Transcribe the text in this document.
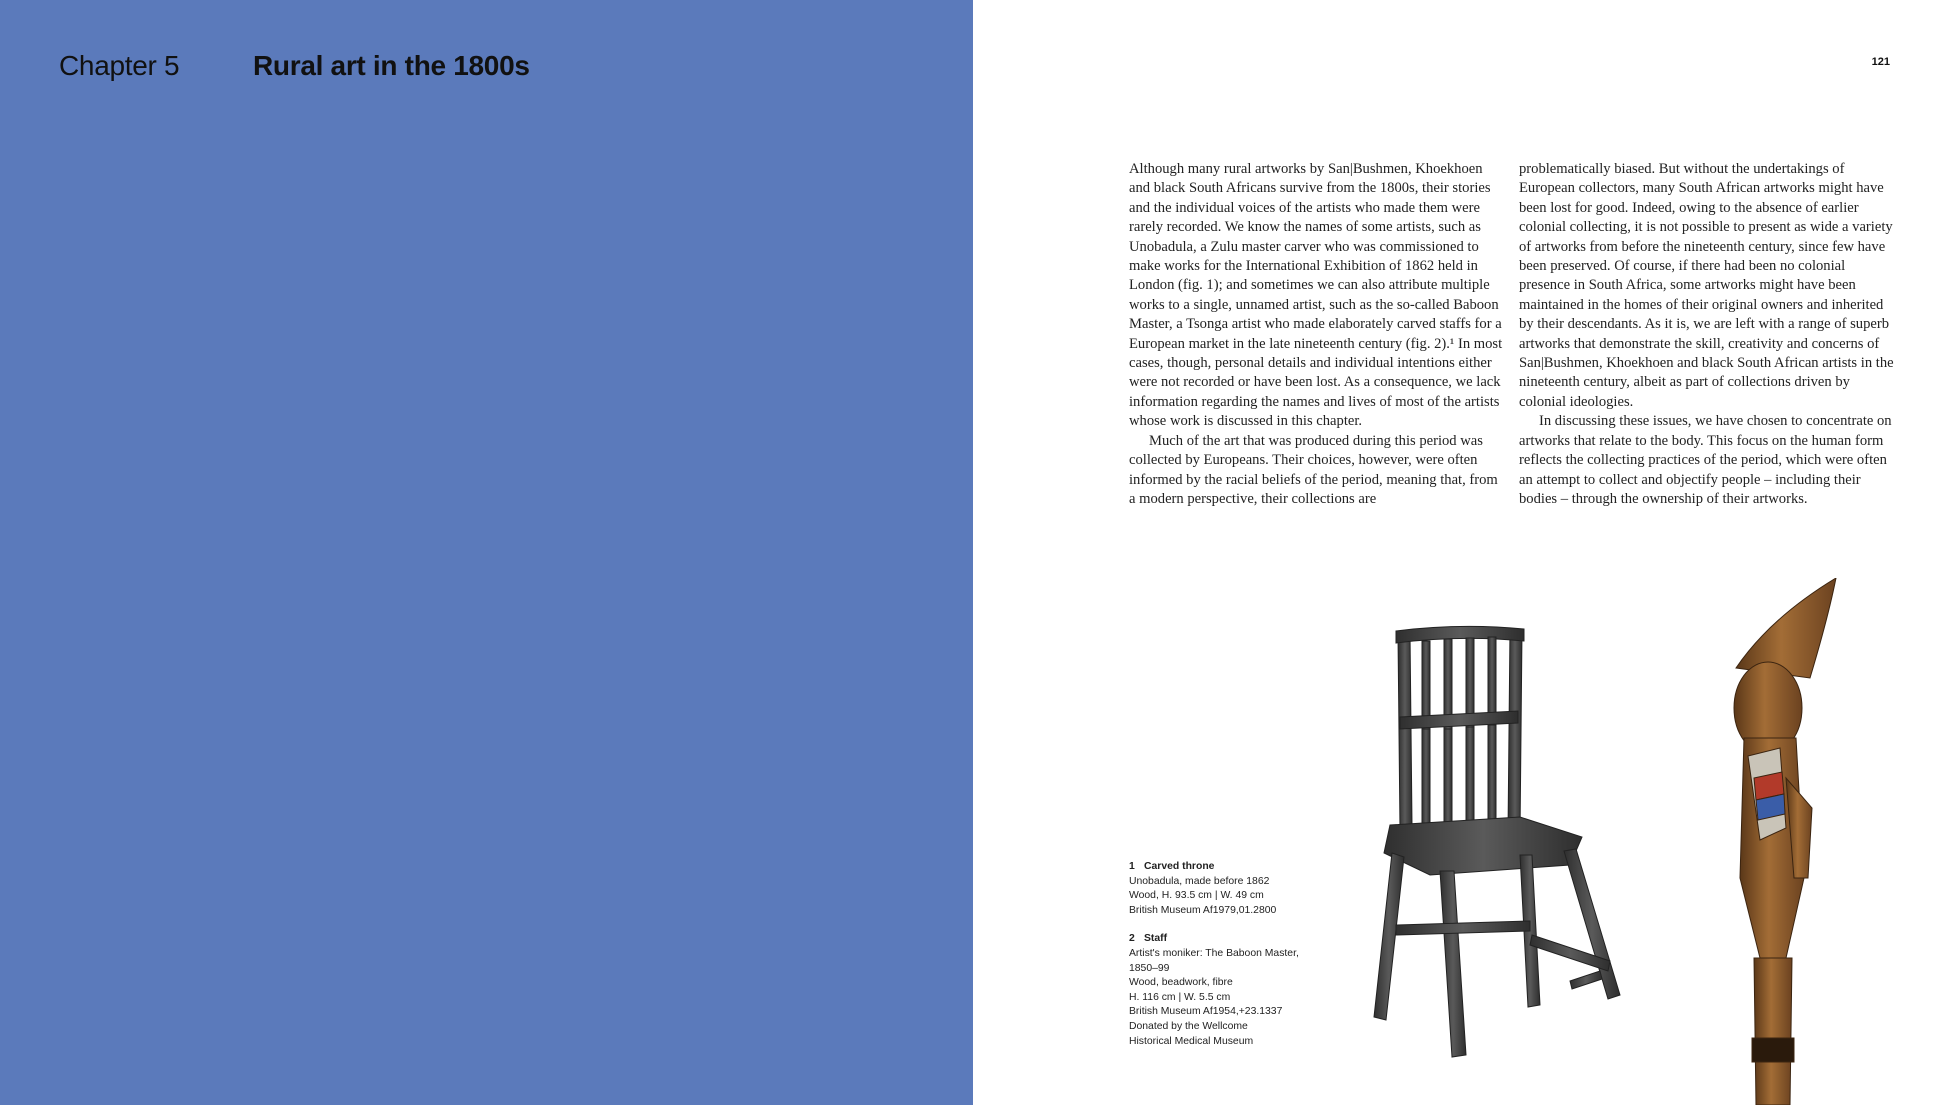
Chapter 5	Rural art in the 1800s	121

Although many rural artworks by San|Bushmen, Khoekhoen and black South Africans survive from the 1800s, their stories and the individual voices of the artists who made them were rarely recorded. We know the names of some artists, such as Unobadula, a Zulu master carver who was commissioned to make works for the International Exhibition of 1862 held in London (fig. 1); and sometimes we can also attribute multiple works to a single, unnamed artist, such as the so-called Baboon Master, a Tsonga artist who made elaborately carved staffs for a European market in the late nineteenth century (fig. 2).¹ In most cases, though, personal details and individual intentions either were not recorded or have been lost. As a consequence, we lack information regarding the names and lives of most of the artists whose work is discussed in this chapter.

Much of the art that was produced during this period was collected by Europeans. Their choices, however, were often informed by the racial beliefs of the period, meaning that, from a modern perspective, their collections are

problematically biased. But without the undertakings of European collectors, many South African artworks might have been lost for good. Indeed, owing to the absence of earlier colonial collecting, it is not possible to present as wide a variety of artworks from before the nineteenth century, since few have been preserved. Of course, if there had been no colonial presence in South Africa, some artworks might have been maintained in the homes of their original owners and inherited by their descendants. As it is, we are left with a range of superb artworks that demonstrate the skill, creativity and concerns of San|Bushmen, Khoekhoen and black South African artists in the nineteenth century, albeit as part of collections driven by colonial ideologies.

In discussing these issues, we have chosen to concentrate on artworks that relate to the body. This focus on the human form reflects the collecting practices of the period, which were often an attempt to collect and objectify people – including their bodies – through the ownership of their artworks.

1 Carved throne
Unobadula, made before 1862
Wood, H. 93.5 cm | W. 49 cm
British Museum Af1979,01.2800
2 Staff
Artist's moniker: The Baboon Master,
1850–99
Wood, beadwork, fibre
H. 116 cm | W. 5.5 cm
British Museum Af1954,+23.1337
Donated by the Wellcome
Historical Medical Museum
